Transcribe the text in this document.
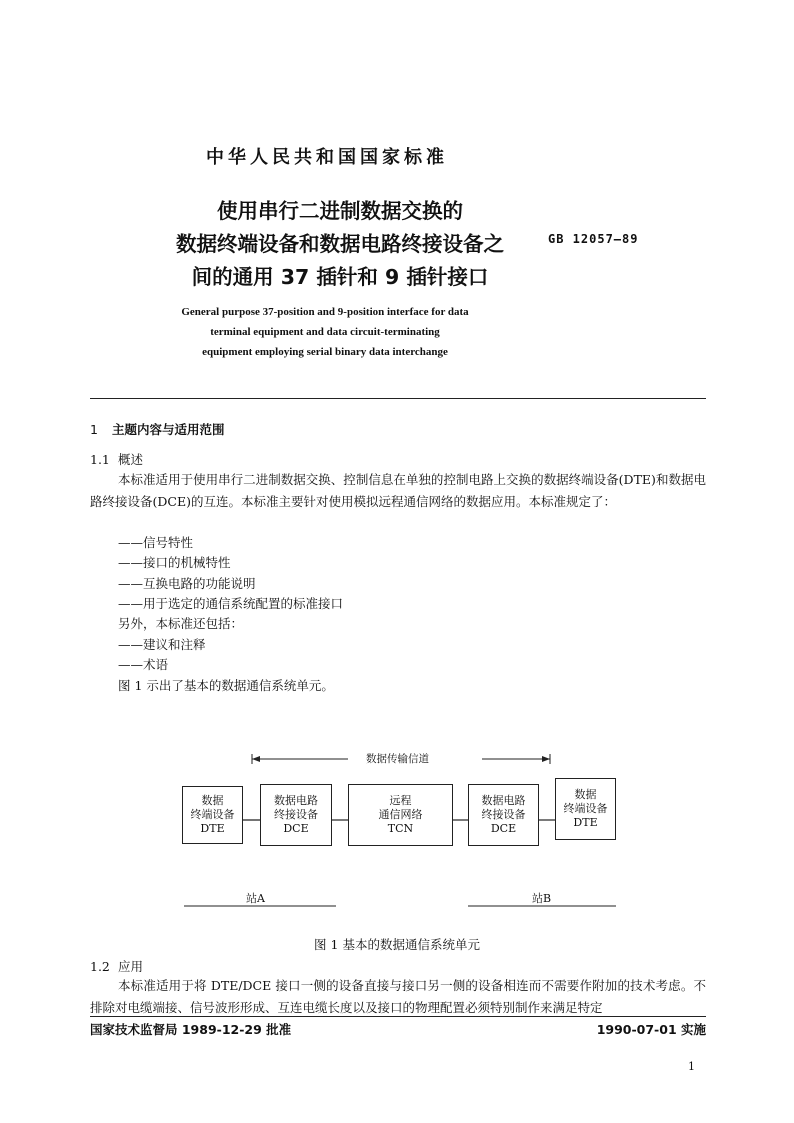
中华人民共和国国家标准
使用串行二进制数据交换的
数据终端设备和数据电路终接设备之
间的通用 37 插针和 9 插针接口
GB 12057—89
General purpose 37-position and 9-position interface for data
terminal equipment and data circuit-terminating
equipment employing serial binary data interchange
1 主题内容与适用范围
1.1 概述
本标准适用于使用串行二进制数据交换、控制信息在单独的控制电路上交换的数据终端设备(DTE)和数据电路终接设备(DCE)的互连。本标准主要针对使用模拟远程通信网络的数据应用。本标准规定了：
——信号特性
——接口的机械特性
——互换电路的功能说明
——用于选定的通信系统配置的标准接口
另外，本标准还包括：
——建议和注释
——术语
图 1 示出了基本的数据通信系统单元。
数据传输信道
数据
终端设备
DTE
数据电路
终接设备
DCE
远程
通信网络
TCN
数据电路
终接设备
DCE
数据
终端设备
DTE
站A	站B
图 1 基本的数据通信系统单元
1.2 应用
本标准适用于将 DTE/DCE 接口一侧的设备直接与接口另一侧的设备相连而不需要作附加的技术考虑。不排除对电缆端接、信号波形形成、互连电缆长度以及接口的物理配置必须特别制作来满足特定
国家技术监督局 1989-12-29 批准	1990-07-01 实施
1
